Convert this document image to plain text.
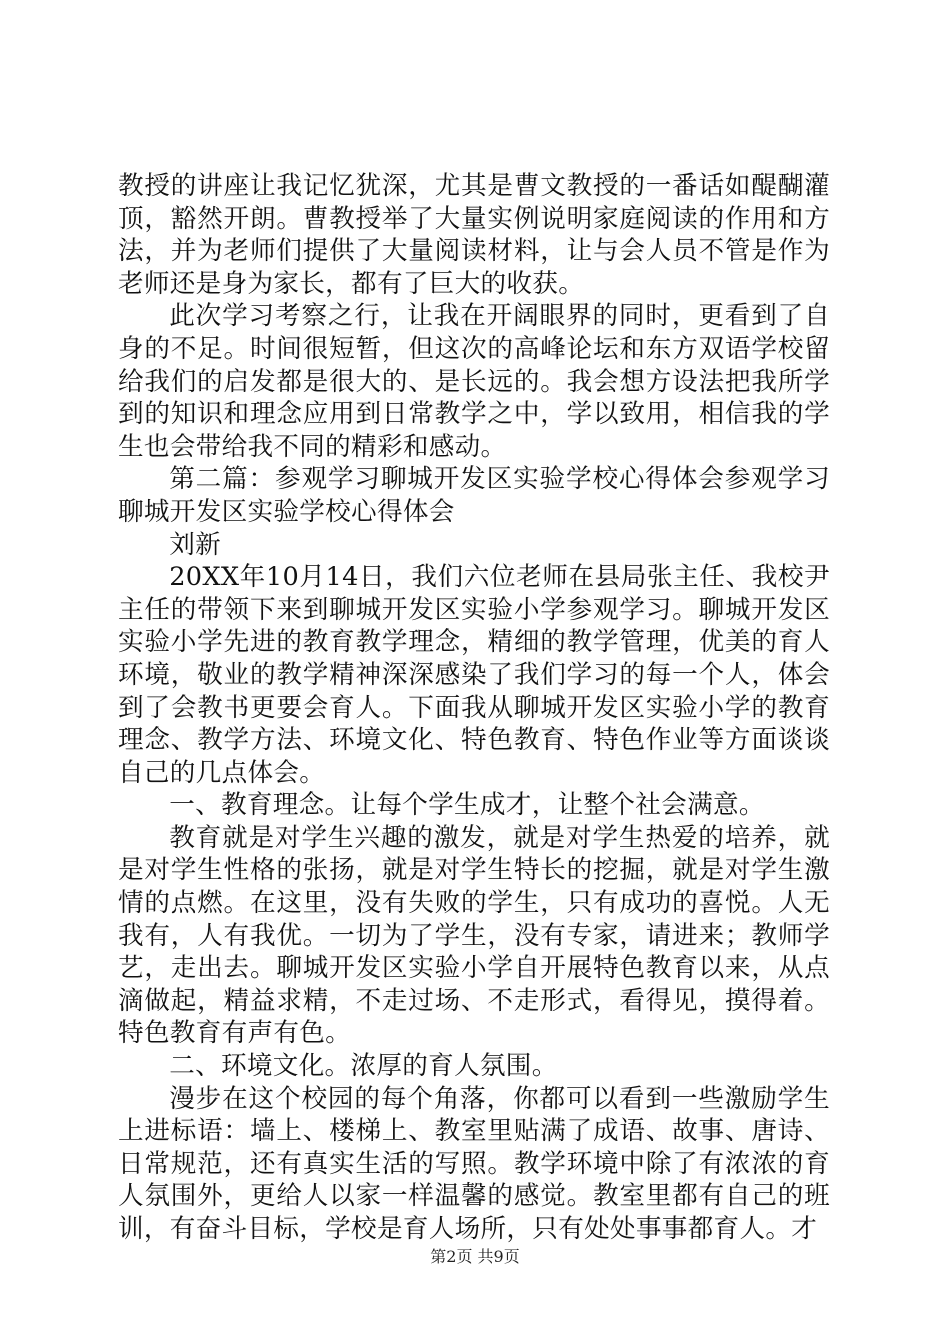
教授的讲座让我记忆犹深，尤其是曹文教授的一番话如醍醐灌顶，豁然开朗。曹教授举了大量实例说明家庭阅读的作用和方法，并为老师们提供了大量阅读材料，让与会人员不管是作为老师还是身为家长，都有了巨大的收获。

此次学习考察之行，让我在开阔眼界的同时，更看到了自身的不足。时间很短暂，但这次的高峰论坛和东方双语学校留给我们的启发都是很大的、是长远的。我会想方设法把我所学到的知识和理念应用到日常教学之中，学以致用，相信我的学生也会带给我不同的精彩和感动。

第二篇：参观学习聊城开发区实验学校心得体会参观学习聊城开发区实验学校心得体会

刘新

20XX年10月14日，我们六位老师在县局张主任、我校尹主任的带领下来到聊城开发区实验小学参观学习。聊城开发区实验小学先进的教育教学理念，精细的教学管理，优美的育人环境，敬业的教学精神深深感染了我们学习的每一个人，体会到了会教书更要会育人。下面我从聊城开发区实验小学的教育理念、教学方法、环境文化、特色教育、特色作业等方面谈谈自己的几点体会。

一、教育理念。让每个学生成才，让整个社会满意。

教育就是对学生兴趣的激发，就是对学生热爱的培养，就是对学生性格的张扬，就是对学生特长的挖掘，就是对学生激情的点燃。在这里，没有失败的学生，只有成功的喜悦。人无我有，人有我优。一切为了学生，没有专家，请进来；教师学艺，走出去。聊城开发区实验小学自开展特色教育以来，从点滴做起，精益求精，不走过场、不走形式，看得见，摸得着。特色教育有声有色。

二、环境文化。浓厚的育人氛围。

漫步在这个校园的每个角落，你都可以看到一些激励学生上进标语：墙上、楼梯上、教室里贴满了成语、故事、唐诗、日常规范，还有真实生活的写照。教学环境中除了有浓浓的育人氛围外，更给人以家一样温馨的感觉。教室里都有自己的班训，有奋斗目标，学校是育人场所，只有处处事事都育人。才

第2页 共9页
